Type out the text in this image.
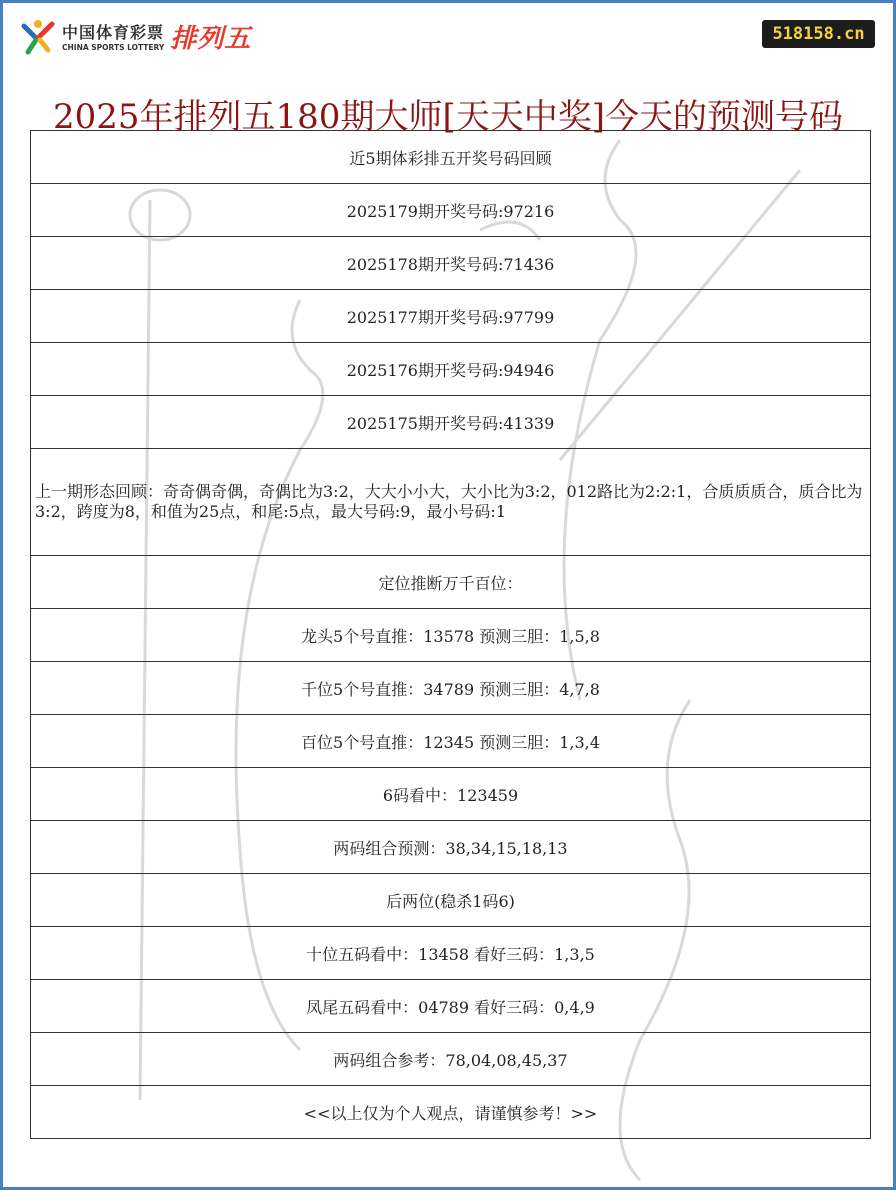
中国体育彩票
CHINA SPORTS LOTTERY 排列五	518158.cn
2025年排列五180期大师[天天中奖]今天的预测号码
近5期体彩排五开奖号码回顾
2025179期开奖号码:97216
2025178期开奖号码:71436
2025177期开奖号码:97799
2025176期开奖号码:94946
2025175期开奖号码:41339
上一期形态回顾：奇奇偶奇偶，奇偶比为3:2，大大小小大，大小比为3:2，012路比为2:2:1，合质质质合，质合比为3:2，跨度为8，和值为25点，和尾:5点，最大号码:9，最小号码:1
定位推断万千百位：
龙头5个号直推：13578 预测三胆：1,5,8
千位5个号直推：34789 预测三胆：4,7,8
百位5个号直推：12345 预测三胆：1,3,4
6码看中：123459
两码组合预测：38,34,15,18,13
后两位(稳杀1码6)
十位五码看中：13458 看好三码：1,3,5
凤尾五码看中：04789 看好三码：0,4,9
两码组合参考：78,04,08,45,37
<<以上仅为个人观点，请谨慎参考！>>
